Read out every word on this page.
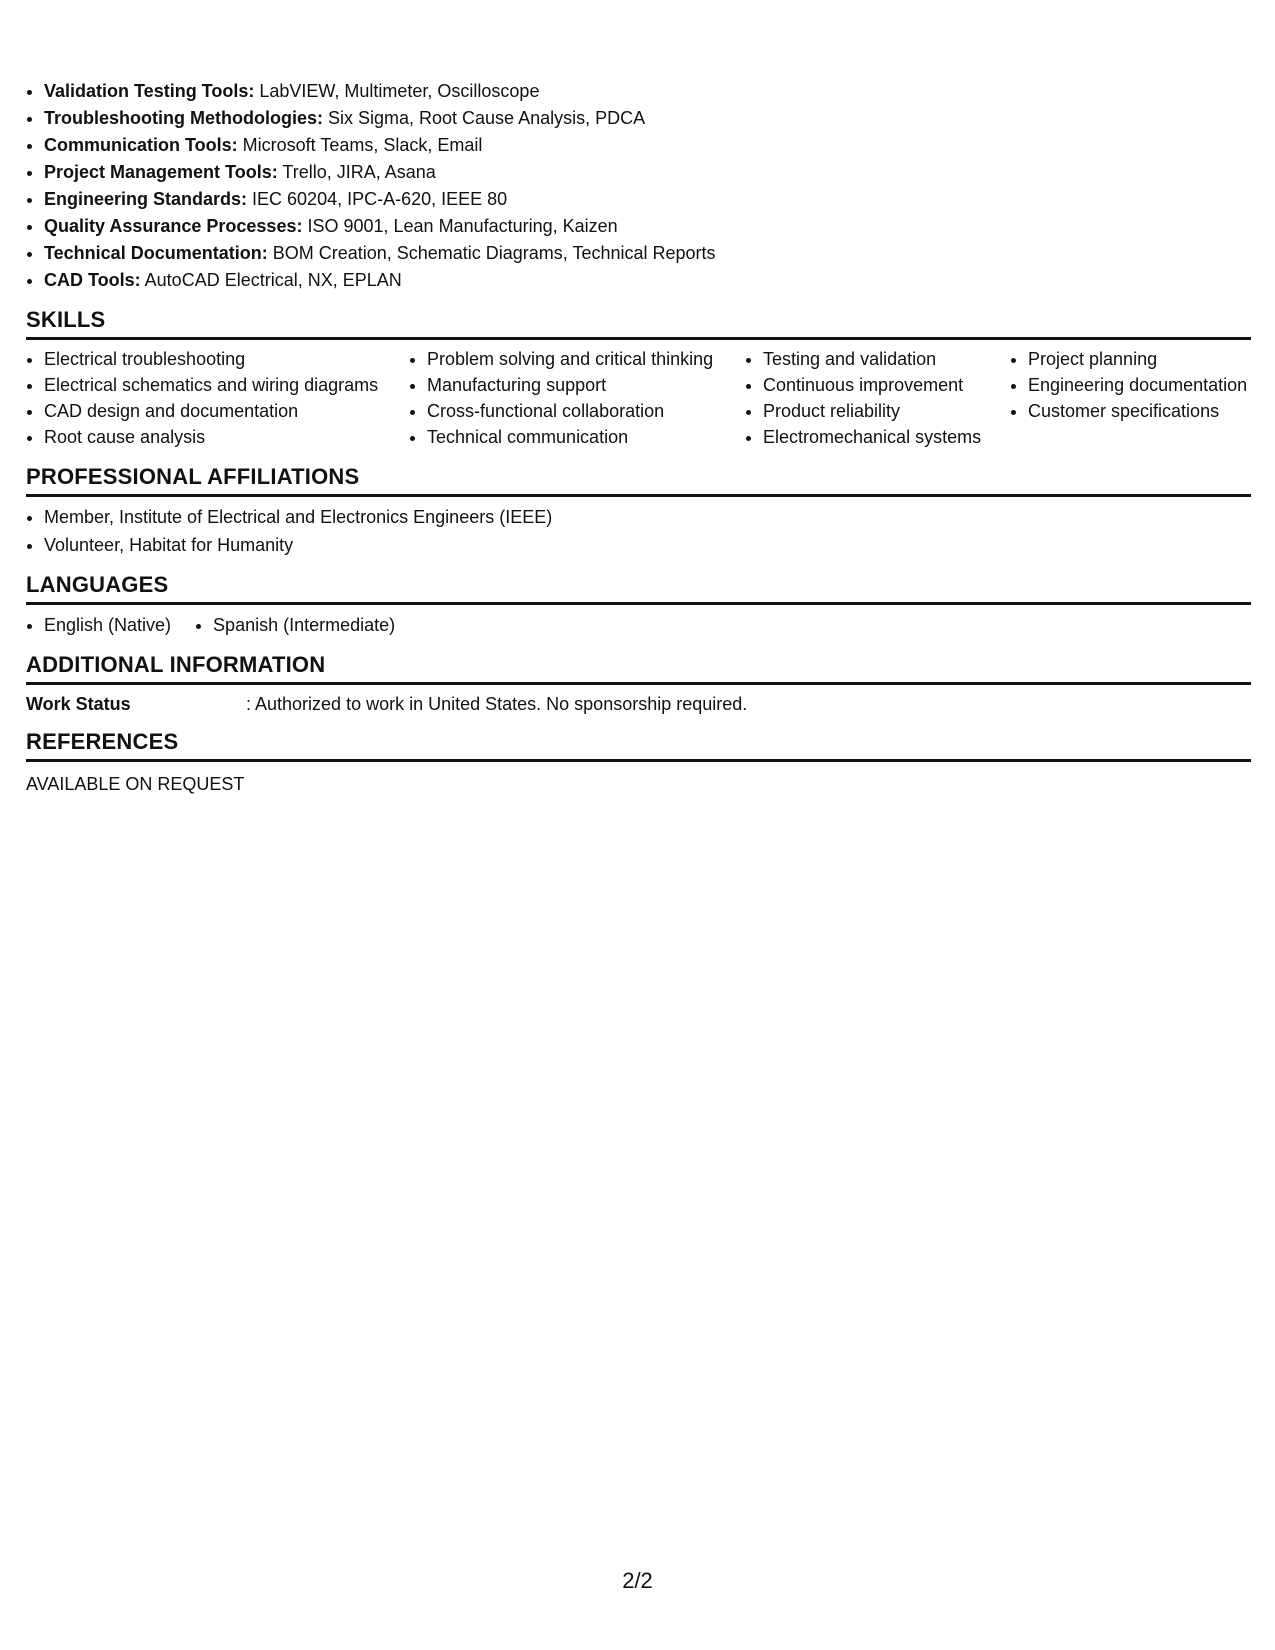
• Validation Testing Tools: LabVIEW, Multimeter, Oscilloscope
• Troubleshooting Methodologies: Six Sigma, Root Cause Analysis, PDCA
• Communication Tools: Microsoft Teams, Slack, Email
• Project Management Tools: Trello, JIRA, Asana
• Engineering Standards: IEC 60204, IPC-A-620, IEEE 80
• Quality Assurance Processes: ISO 9001, Lean Manufacturing, Kaizen
• Technical Documentation: BOM Creation, Schematic Diagrams, Technical Reports
• CAD Tools: AutoCAD Electrical, NX, EPLAN
SKILLS
• Electrical troubleshooting
• Electrical schematics and wiring diagrams
• CAD design and documentation
• Root cause analysis
• Problem solving and critical thinking
• Manufacturing support
• Cross-functional collaboration
• Technical communication
• Testing and validation
• Continuous improvement
• Product reliability
• Electromechanical systems
• Project planning
• Engineering documentation
• Customer specifications
PROFESSIONAL AFFILIATIONS
• Member, Institute of Electrical and Electronics Engineers (IEEE)
• Volunteer, Habitat for Humanity
LANGUAGES
• English (Native)
• Spanish (Intermediate)
ADDITIONAL INFORMATION
Work Status	: Authorized to work in United States. No sponsorship required.
REFERENCES
AVAILABLE ON REQUEST
2/2
